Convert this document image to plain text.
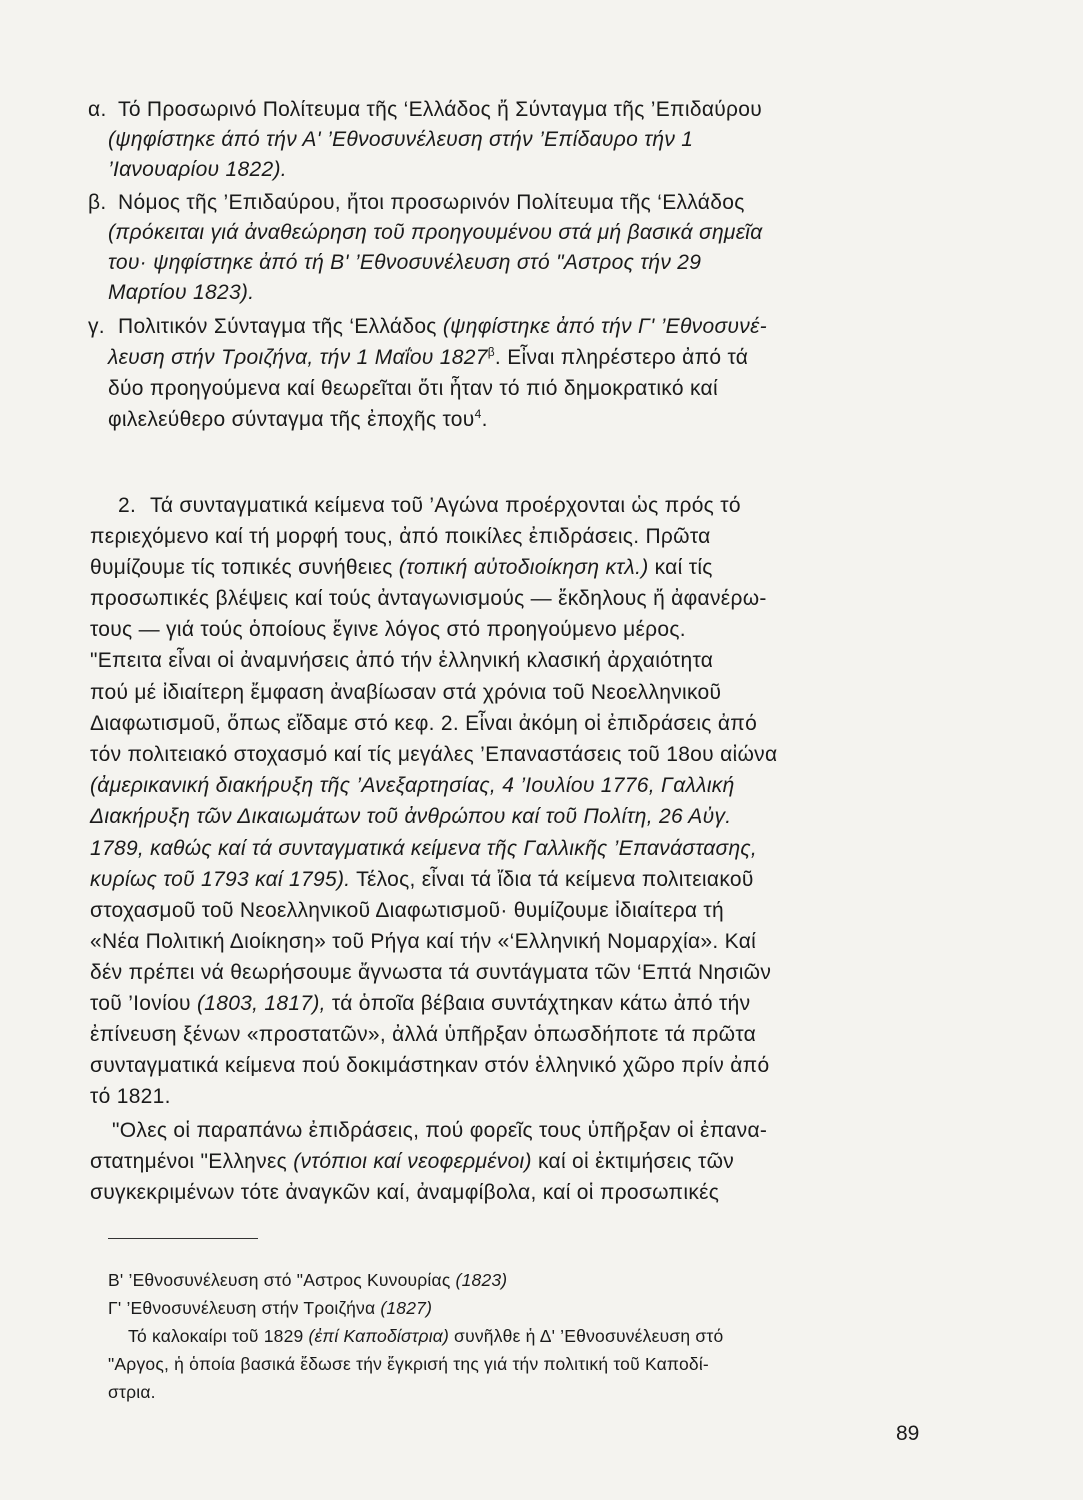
α. Τό Προσωρινό Πολίτευμα τῆς ‘Ελλάδος ἤ Σύνταγμα τῆς ’Επιδαύρου
(ψηφίστηκε άπό τήν Α' ’Εθνοσυνέλευση στήν ’Επίδαυρο τήν 1
’Ιανουαρίου 1822).
β. Νόμος τῆς ’Επιδαύρου, ἤτοι προσωρινόν Πολίτευμα τῆς ‘Ελλάδος
(πρόκειται γιά ἀναθεώρηση τοῦ προηγουμένου στά μή βασικά σημεῖα
του· ψηφίστηκε ἀπό τή Β' ’Εθνοσυνέλευση στό "Αστρος τήν 29
Μαρτίου 1823).
γ. Πολιτικόν Σύνταγμα τῆς ‘Ελλάδος (ψηφίστηκε ἀπό τήν Γ' ’Εθνοσυνέ-
λευση στήν Τροιζήνα, τήν 1 Μαΐου $1827^\beta$. Εἶναι πληρέστερο ἀπό τά
δύο προηγούμενα καί θεωρεῖται ὅτι ἦταν τό πιό δημοκρατικό καί
φιλελεύθερο σύνταγμα τῆς ἐποχῆς του$^4$.
2. Τά συνταγματικά κείμενα τοῦ ’Αγώνα προέρχονται ὡς πρός τό
περιεχόμενο καί τή μορφή τους, ἀπό ποικίλες ἐπιδράσεις. Πρῶτα
θυμίζουμε τίς τοπικές συνήθειες (τοπική αὐτοδιοίκηση κτλ.) καί τίς
προσωπικές βλέψεις καί τούς ἀνταγωνισμούς — ἔκδηλους ἤ ἀφανέρω-
τους — γιά τούς ὁποίους ἔγινε λόγος στό προηγούμενο μέρος.
"Επειτα εἶναι οἱ ἀναμνήσεις ἀπό τήν ἑλληνική κλασική ἀρχαιότητα
πού μέ ἰδιαίτερη ἔμφαση ἀναβίωσαν στά χρόνια τοῦ Νεοελληνικοῦ
Διαφωτισμοῦ, ὅπως εἴδαμε στό κεφ. 2. Εἶναι ἀκόμη οἱ ἐπιδράσεις ἀπό
τόν πολιτειακό στοχασμό καί τίς μεγάλες ’Επαναστάσεις τοῦ 18ου αἰώνα
(ἀμερικανική διακήρυξη τῆς ’Ανεξαρτησίας, 4 ’Ιουλίου 1776, Γαλλική
Διακήρυξη τῶν Δικαιωμάτων τοῦ ἀνθρώπου καί τοῦ Πολίτη, 26 Αὐγ.
1789, καθώς καί τά συνταγματικά κείμενα τῆς Γαλλικῆς ’Επανάστασης,
κυρίως τοῦ 1793 καί 1795). Τέλος, εἶναι τά ἴδια τά κείμενα πολιτειακοῦ
στοχασμοῦ τοῦ Νεοελληνικοῦ Διαφωτισμοῦ· θυμίζουμε ἰδιαίτερα τή
«Νέα Πολιτική Διοίκηση» τοῦ Ρήγα καί τήν «‘Ελληνική Νομαρχία». Καί
δέν πρέπει νά θεωρήσουμε ἄγνωστα τά συντάγματα τῶν ‘Επτά Νησιῶν
τοῦ ’Ιονίου (1803, 1817), τά ὁποῖα βέβαια συντάχτηκαν κάτω ἀπό τήν
ἐπίνευση ξένων «προστατῶν», ἀλλά ὑπῆρξαν ὁπωσδήποτε τά πρῶτα
συνταγματικά κείμενα πού δοκιμάστηκαν στόν ἑλληνικό χῶρο πρίν ἀπό
τό 1821.
"Ολες οἱ παραπάνω ἐπιδράσεις, πού φορεῖς τους ὑπῆρξαν οἱ ἐπανα-
στατημένοι "Ελληνες (ντόπιοι καί νεοφερμένοι) καί οἱ ἐκτιμήσεις τῶν
συγκεκριμένων τότε ἀναγκῶν καί, ἀναμφίβολα, καί οἱ προσωπικές
Β' ’Εθνοσυνέλευση στό "Αστρος Κυνουρίας (1823)
Γ' ’Εθνοσυνέλευση στήν Τροιζήνα (1827)
Τό καλοκαίρι τοῦ 1829 (ἐπί Καποδίστρια) συνῆλθε ἡ Δ' ’Εθνοσυνέλευση στό
"Αργος, ἡ ὁποία βασικά ἔδωσε τήν ἔγκρισή της γιά τήν πολιτική τοῦ Καποδί-
στρια.
89
